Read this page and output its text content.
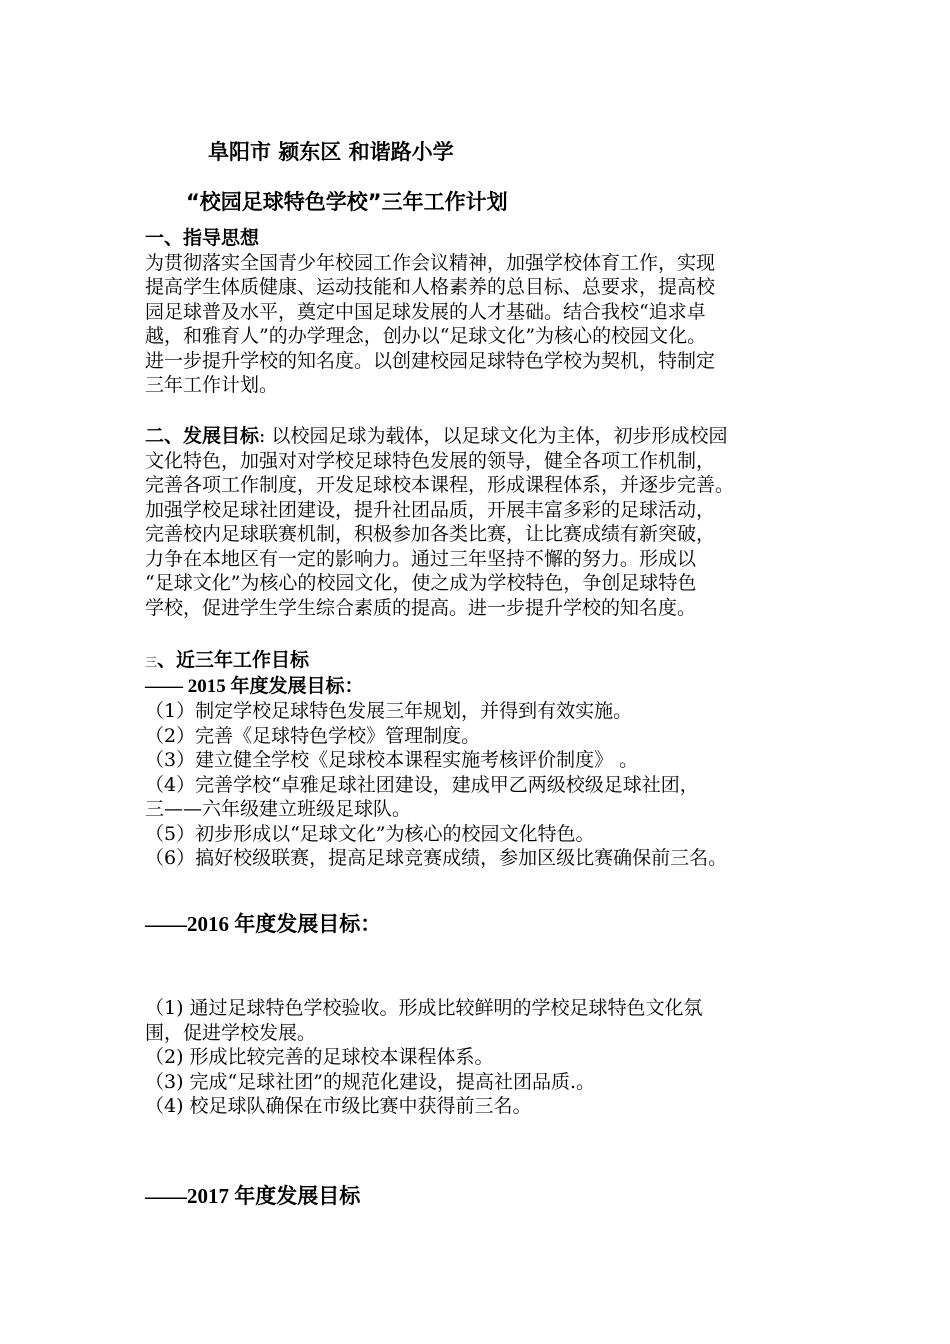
阜阳市 颍东区 和谐路小学
“校园足球特色学校”三年工作计划
一、指导思想
为贯彻落实全国青少年校园工作会议精神，加强学校体育工作，实现
提高学生体质健康、运动技能和人格素养的总目标、总要求，提高校
园足球普及水平，奠定中国足球发展的人才基础。结合我校“追求卓
越，和雅育人”的办学理念，创办以“足球文化”为核心的校园文化。
进一步提升学校的知名度。以创建校园足球特色学校为契机，特制定
三年工作计划。
二、发展目标: 以校园足球为载体，以足球文化为主体，初步形成校园
文化特色，加强对对学校足球特色发展的领导，健全各项工作机制，
完善各项工作制度，开发足球校本课程，形成课程体系，并逐步完善。
加强学校足球社团建设，提升社团品质，开展丰富多彩的足球活动，
完善校内足球联赛机制，积极参加各类比赛，让比赛成绩有新突破，
力争在本地区有一定的影响力。通过三年坚持不懈的努力。形成以
“足球文化”为核心的校园文化，使之成为学校特色，争创足球特色
学校，促进学生学生综合素质的提高。进一步提升学校的知名度。
三、近三年工作目标
—— 2015 年度发展目标：
（1）制定学校足球特色发展三年规划，并得到有效实施。
（2）完善《足球特色学校》管理制度。
（3）建立健全学校《足球校本课程实施考核评价制度》 。
（4）完善学校“卓雅足球社团建设，建成甲乙两级校级足球社团，
三——六年级建立班级足球队。
（5）初步形成以“足球文化”为核心的校园文化特色。
（6）搞好校级联赛，提高足球竞赛成绩，参加区级比赛确保前三名。
——2016 年度发展目标：
（1) 通过足球特色学校验收。形成比较鲜明的学校足球特色文化氛
围，促进学校发展。
（2) 形成比较完善的足球校本课程体系。
（3) 完成“足球社团”的规范化建设，提高社团品质.。
（4) 校足球队确保在市级比赛中获得前三名。
——2017 年度发展目标
